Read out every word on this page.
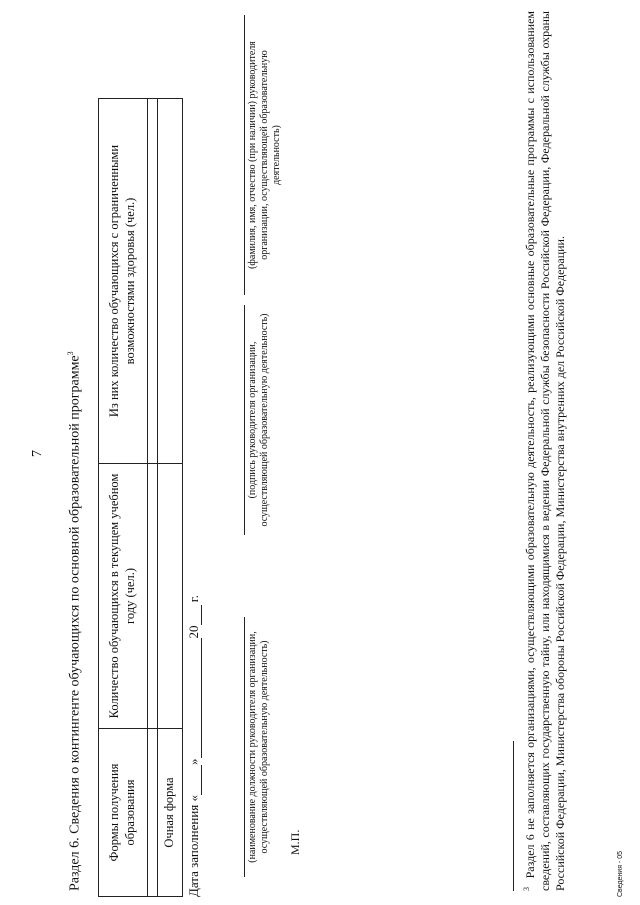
7 Раздел 6. Сведения о контингенте обучающихся по основной образовательной программе$^3$
Формы получения образования	Количество обучающихся в текущем учебном году (чел.)	Из них количество обучающихся с ограниченными возможностями здоровья (чел.)

Очная форма		Дата заполнения «»20 г.
(наименование должности руководителя организации, осуществляющей образовательную деятельность)
(подпись руководителя организации, осуществляющей образовательную деятельность)
(фамилия, имя, отчество (при наличии) руководителя организации, осуществляющей образовательную деятельность)
М.П.
$^3$  Раздел 6 не заполняется организациями, осуществляющими образовательную деятельность, реализующими основные образовательные программы с использованием сведений, составляющих государственную тайну, или находящимися в ведении Федеральной службы безопасности Российской Федерации, Федеральной службы охраны Российской Федерации, Министерства обороны Российской Федерации, Министерства внутренних дел Российской Федерации.	Сведения - 05
